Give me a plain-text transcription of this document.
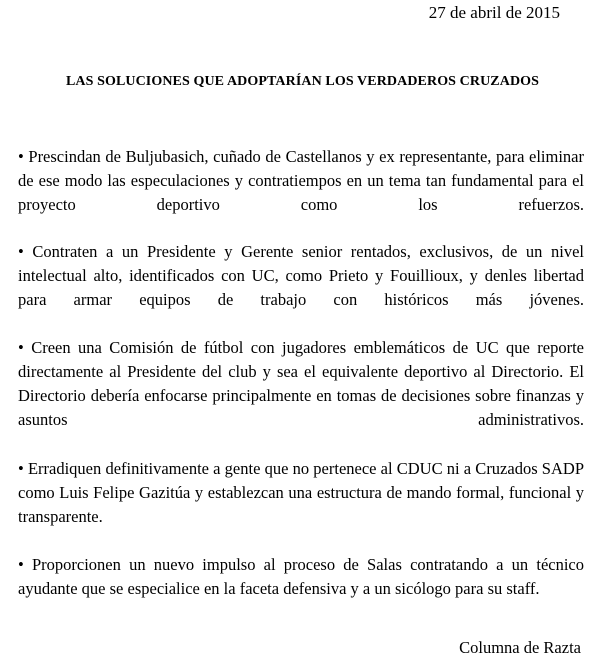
27 de abril de 2015
LAS SOLUCIONES QUE ADOPTARÍAN LOS VERDADEROS CRUZADOS

• Prescindan de Buljubasich, cuñado de Castellanos y ex representante, para eliminar de ese modo las especulaciones y contratiempos en un tema tan fundamental para el proyecto deportivo como los refuerzos.

• Contraten a un Presidente y Gerente senior rentados, exclusivos, de un nivel intelectual alto, identificados con UC, como Prieto y Fouillioux, y denles libertad para armar equipos de trabajo con históricos más jóvenes.

• Creen una Comisión de fútbol con jugadores emblemáticos de UC que reporte directamente al Presidente del club y sea el equivalente deportivo al Directorio. El Directorio debería enfocarse principalmente en tomas de decisiones sobre finanzas y asuntos administrativos.

• Erradiquen definitivamente a gente que no pertenece al CDUC ni a Cruzados SADP como Luis Felipe Gazitúa y establezcan una estructura de mando formal, funcional y transparente.

• Proporcionen un nuevo impulso al proceso de Salas contratando a un técnico ayudante que se especialice en la faceta defensiva y a un sicólogo para su staff.

Columna de Razta
